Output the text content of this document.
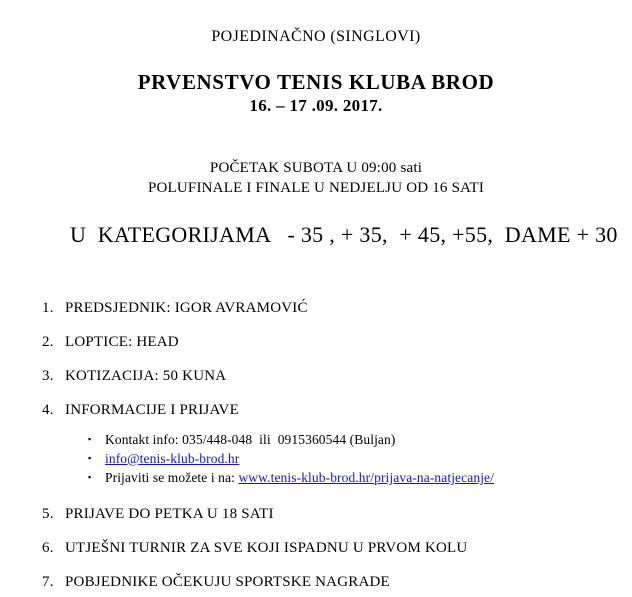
POJEDINAČNO (SINGLOVI)
PRVENSTVO TENIS KLUBA BROD
16. – 17 .09. 2017.
POČETAK SUBOTA U 09:00 sati
POLUFINALE I FINALE U NEDJELJU OD 16 SATI
U  KATEGORIJAMA   - 35 , + 35,  + 45, +55,  DAME + 30
1. PREDSJEDNIK: IGOR AVRAMOVIĆ
2. LOPTICE: HEAD
3. KOTIZACIJA: 50 KUNA
4. INFORMACIJE I PRIJAVE
▪	Kontakt info: 035/448-048  ili  0915360544 (Buljan)
▪	info@tenis-klub-brod.hr
▪	Prijaviti se možete i na: www.tenis-klub-brod.hr/prijava-na-natjecanje/
5. PRIJAVE DO PETKA U 18 SATI
6. UTJEŠNI TURNIR ZA SVE KOJI ISPADNU U PRVOM KOLU
7. POBJEDNIKE OČEKUJU SPORTSKE NAGRADE
